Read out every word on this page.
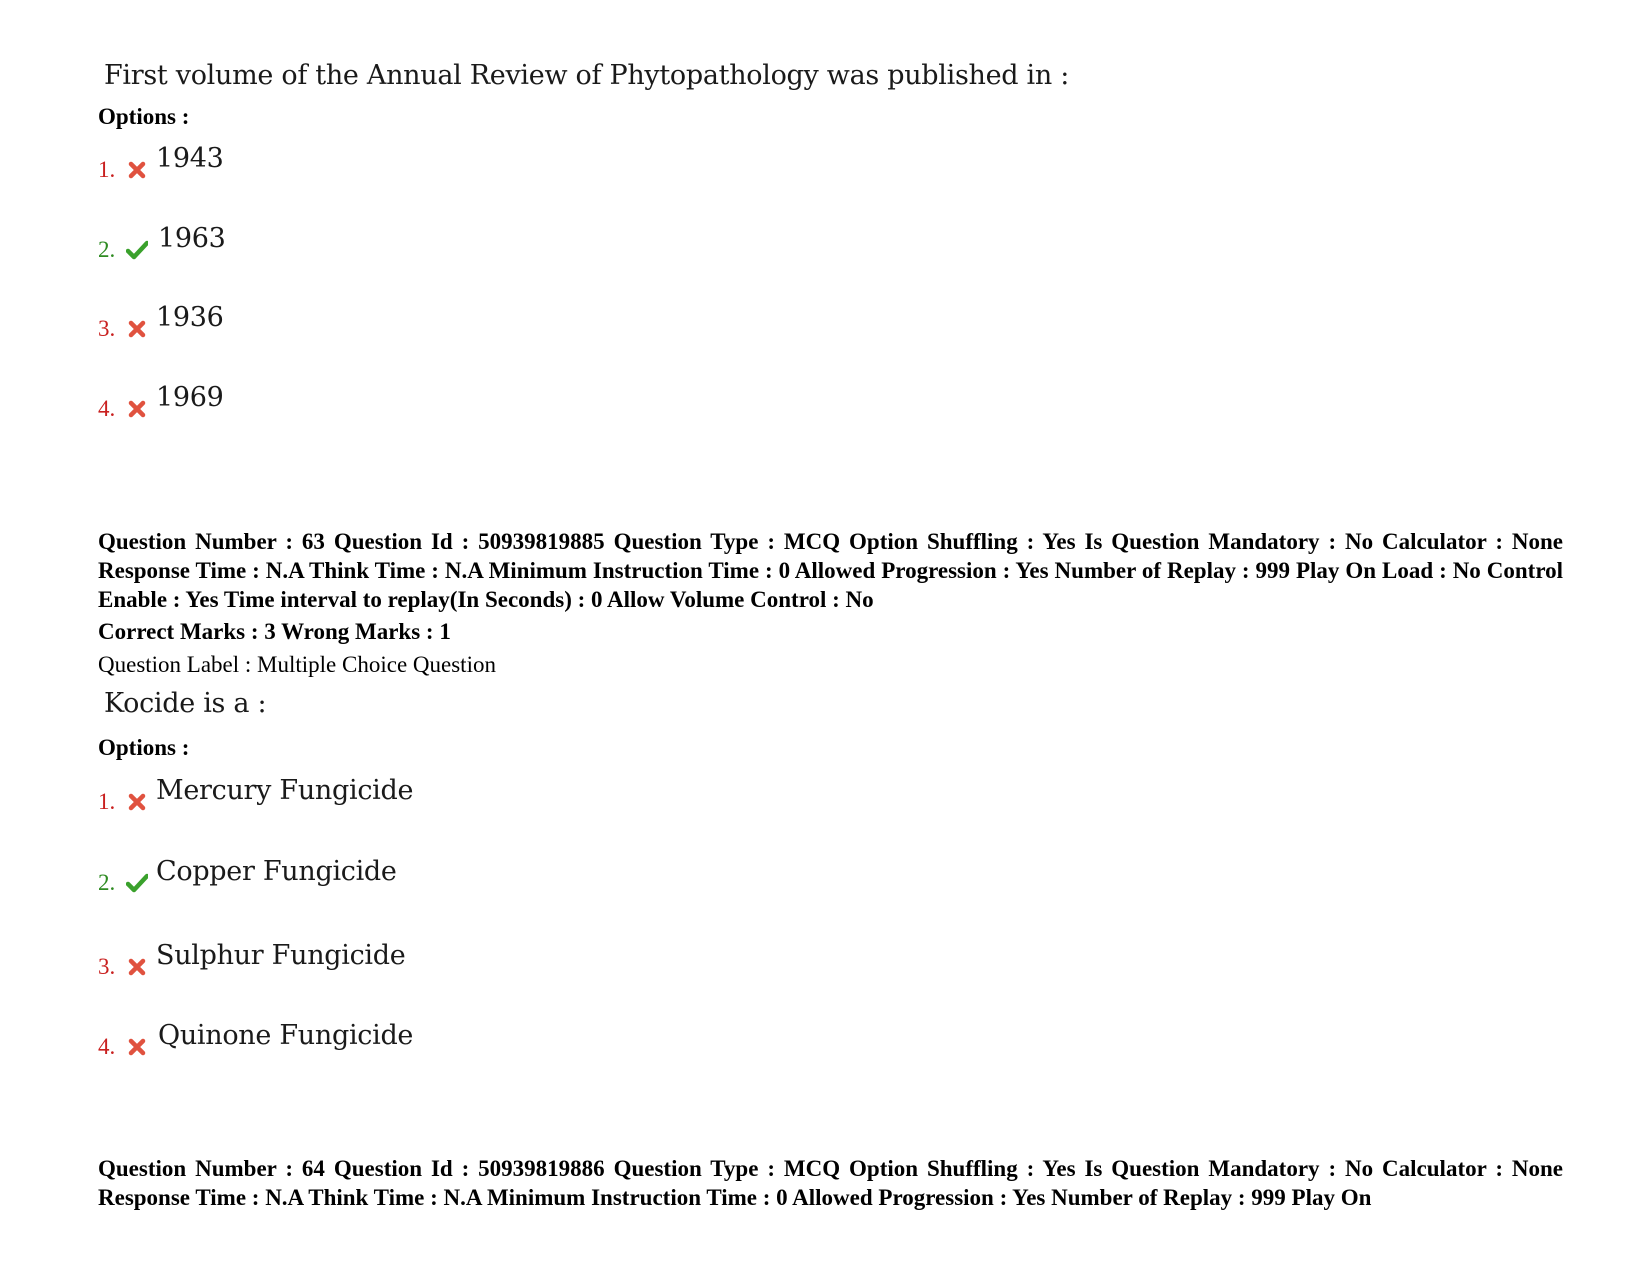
First volume of the Annual Review of Phytopathology was published in :
Options :
1. 1943
2. 1963
3. 1936
4. 1969
Question Number : 63 Question Id : 50939819885 Question Type : MCQ Option Shuffling : Yes Is Question Mandatory : No Calculator : None Response Time : N.A Think Time : N.A Minimum Instruction Time : 0 Allowed Progression : Yes Number of Replay : 999 Play On Load : No Control Enable : Yes Time interval to replay(In Seconds) : 0 Allow Volume Control : No
Correct Marks : 3 Wrong Marks : 1
Question Label : Multiple Choice Question
Kocide is a :
Options :
1. Mercury Fungicide
2. Copper Fungicide
3. Sulphur Fungicide
4. Quinone Fungicide
Question Number : 64 Question Id : 50939819886 Question Type : MCQ Option Shuffling : Yes Is Question Mandatory : No Calculator : None Response Time : N.A Think Time : N.A Minimum Instruction Time : 0 Allowed Progression : Yes Number of Replay : 999 Play On
